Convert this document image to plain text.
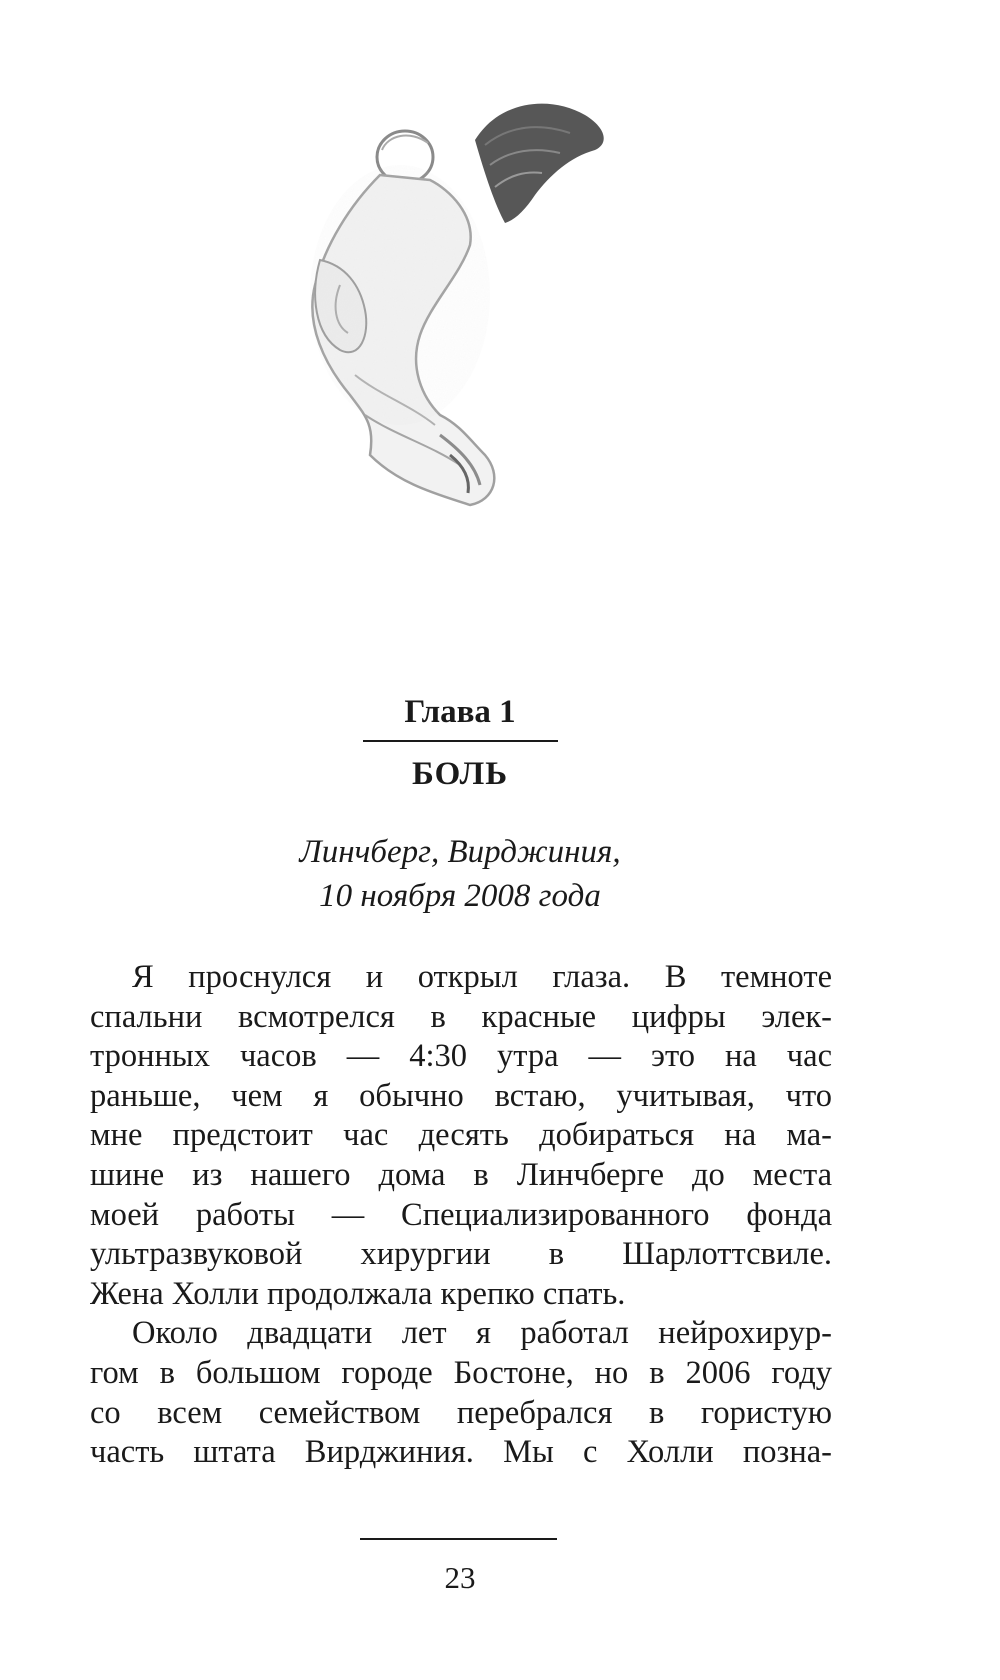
Глава 1
БОЛЬ
Линчберг, Вирджиния,
10 ноября 2008 года
Я проснулся и открыл глаза. В темноте
спальни всмотрелся в красные цифры элек-
тронных часов — 4:30 утра — это на час
раньше, чем я обычно встаю, учитывая, что
мне предстоит час десять добираться на ма-
шине из нашего дома в Линчберге до места
моей работы — Специализированного фонда
ультразвуковой хирургии в Шарлоттсвиле.
Жена Холли продолжала крепко спать.
Около двадцати лет я работал нейрохирур-
гом в большом городе Бостоне, но в 2006 году
со всем семейством перебрался в гористую
часть штата Вирджиния. Мы с Холли позна-
23
